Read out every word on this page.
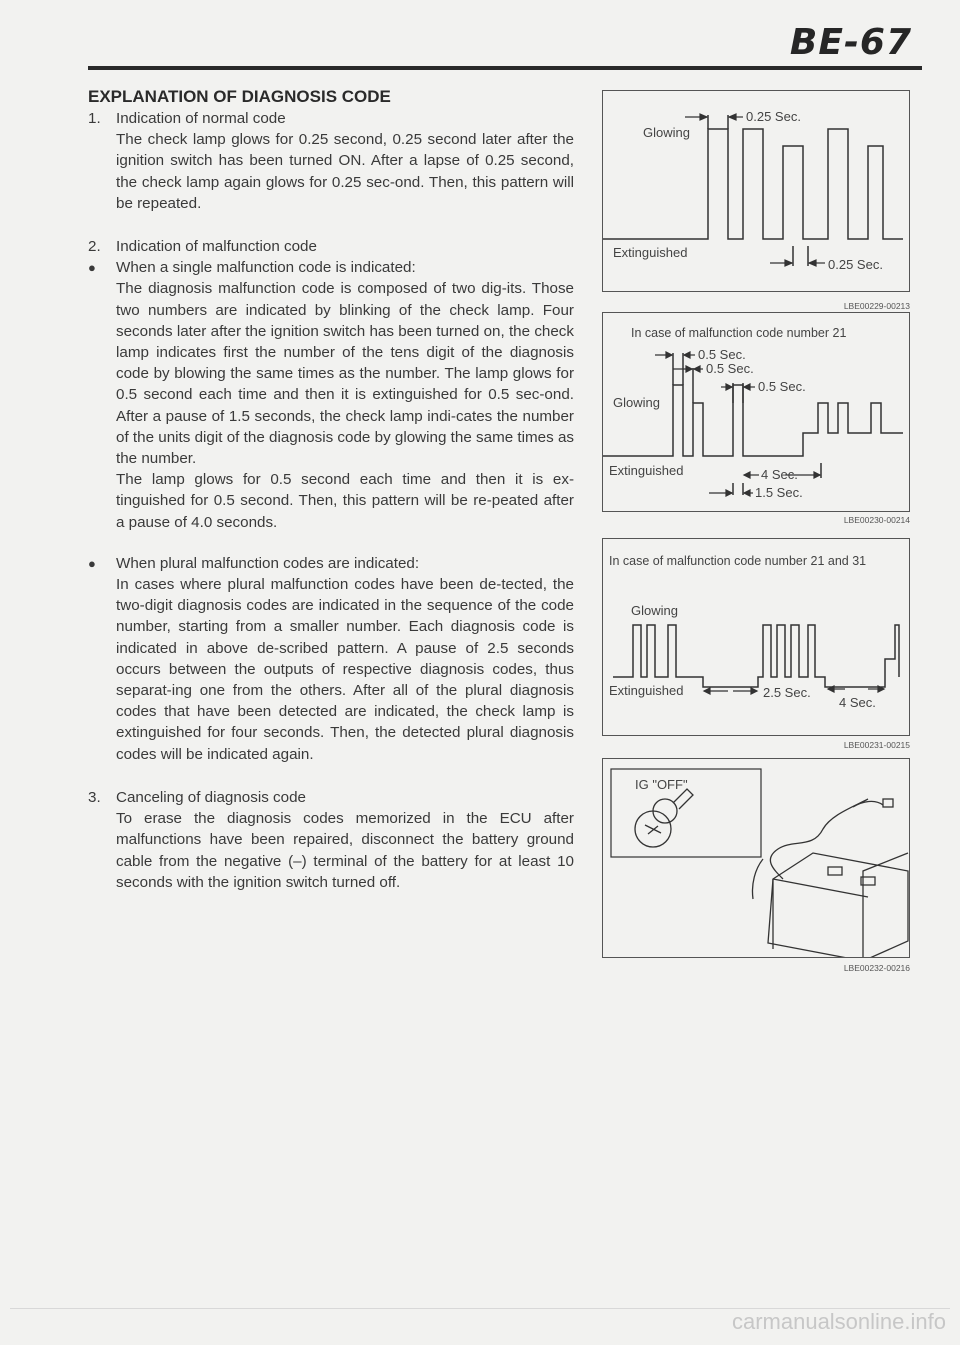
BE-67
EXPLANATION OF DIAGNOSIS CODE
1.	Indication of normal code
The check lamp glows for 0.25 second, 0.25 second later after the ignition switch has been turned ON. After a lapse of 0.25 second, the check lamp again glows for 0.25 sec-ond. Then, this pattern will be repeated.
2.	Indication of malfunction code
●	When a single malfunction code is indicated:
The diagnosis malfunction code is composed of two dig-its. Those two numbers are indicated by blinking of the check lamp. Four seconds later after the ignition switch has been turned on, the check lamp indicates first the number of the tens digit of the diagnosis code by blowing the same times as the number. The lamp glows for 0.5 second each time and then it is extinguished for 0.5 sec-ond. After a pause of 1.5 seconds, the check lamp indi-cates the number of the units digit of the diagnosis code by glowing the same times as the number.
The lamp glows for 0.5 second each time and then it is ex-tinguished for 0.5 second. Then, this pattern will be re-peated after a pause of 4.0 seconds.
●	When plural malfunction codes are indicated:
In cases where plural malfunction codes have been de-tected, the two-digit diagnosis codes are indicated in the sequence of the code number, starting from a smaller number. Each diagnosis code is indicated in above de-scribed pattern. A pause of 2.5 seconds occurs between the outputs of respective diagnosis codes, thus separat-ing one from the others. After all of the plural diagnosis codes that have been detected are indicated, the check lamp is extinguished for four seconds. Then, the detected plural diagnosis codes will be indicated again.
3.	Canceling of diagnosis code
To erase the diagnosis codes memorized in the ECU after malfunctions have been repaired, disconnect the battery ground cable from the negative (–) terminal of the battery for at least 10 seconds with the ignition switch turned off.
Glowing
Extinguished
0.25 Sec.
0.25 Sec.
LBE00229-00213
In case of malfunction code number 21
Glowing
Extinguished
0.5 Sec.
0.5 Sec.
0.5 Sec.
4 Sec.
1.5 Sec.
LBE00230-00214
In case of malfunction code number 21 and 31
Glowing
Extinguished	2.5 Sec.
4 Sec.
LBE00231-00215
IG "OFF"
LBE00232-00216
carmanualsonline.info
